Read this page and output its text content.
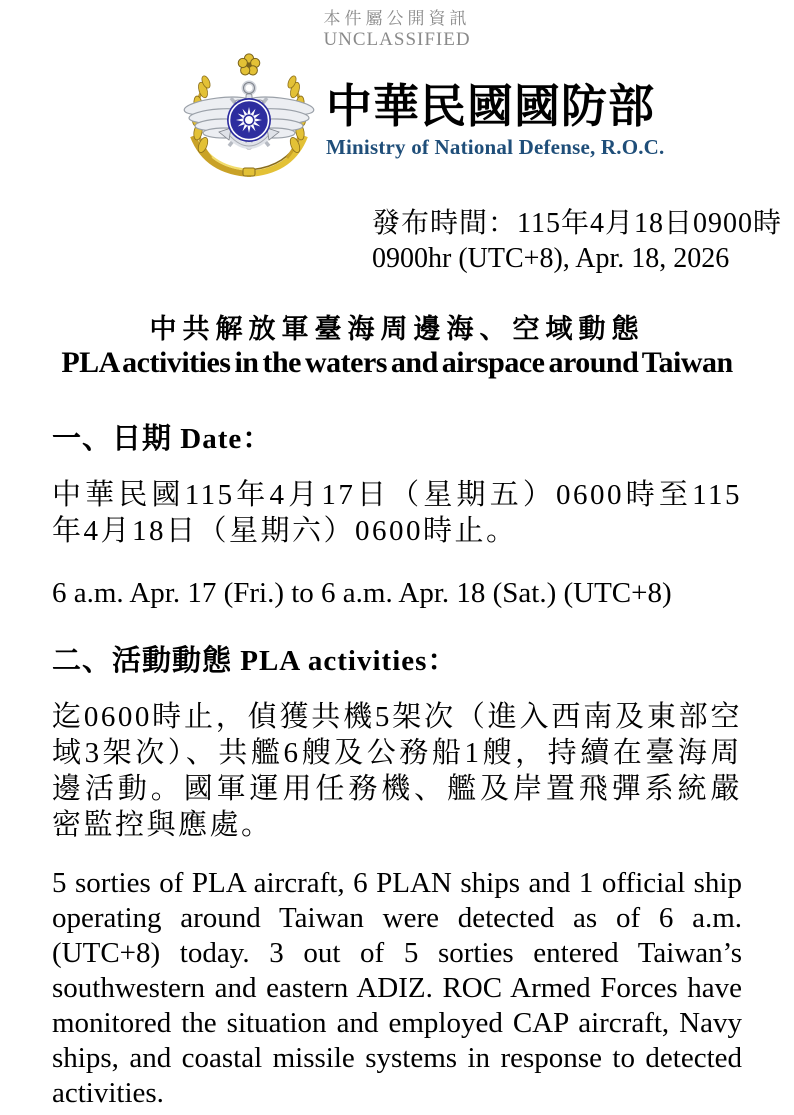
本件屬公開資訊
UNCLASSIFIED
中華民國國防部
Ministry of National Defense, R.O.C.
發布時間：115年4月18日0900時
0900hr (UTC+8), Apr. 18, 2026
中共解放軍臺海周邊海、空域動態
PLA activities in the waters and airspace around Taiwan
一、日期 Date：
中華民國115年4月17日（星期五）0600時至115年4月18日（星期六）0600時止。
6 a.m. Apr. 17 (Fri.) to 6 a.m. Apr. 18 (Sat.) (UTC+8)
二、活動動態 PLA activities：
迄0600時止，偵獲共機5架次（進入西南及東部空域3架次）、共艦6艘及公務船1艘，持續在臺海周邊活動。國軍運用任務機、艦及岸置飛彈系統嚴密監控與應處。
5 sorties of PLA aircraft, 6 PLAN ships and 1 official ship operating around Taiwan were detected as of 6 a.m. (UTC+8) today. 3 out of 5 sorties entered Taiwan’s southwestern and eastern ADIZ. ROC Armed Forces have monitored the situation and employed CAP aircraft, Navy ships, and coastal missile systems in response to detected activities.
